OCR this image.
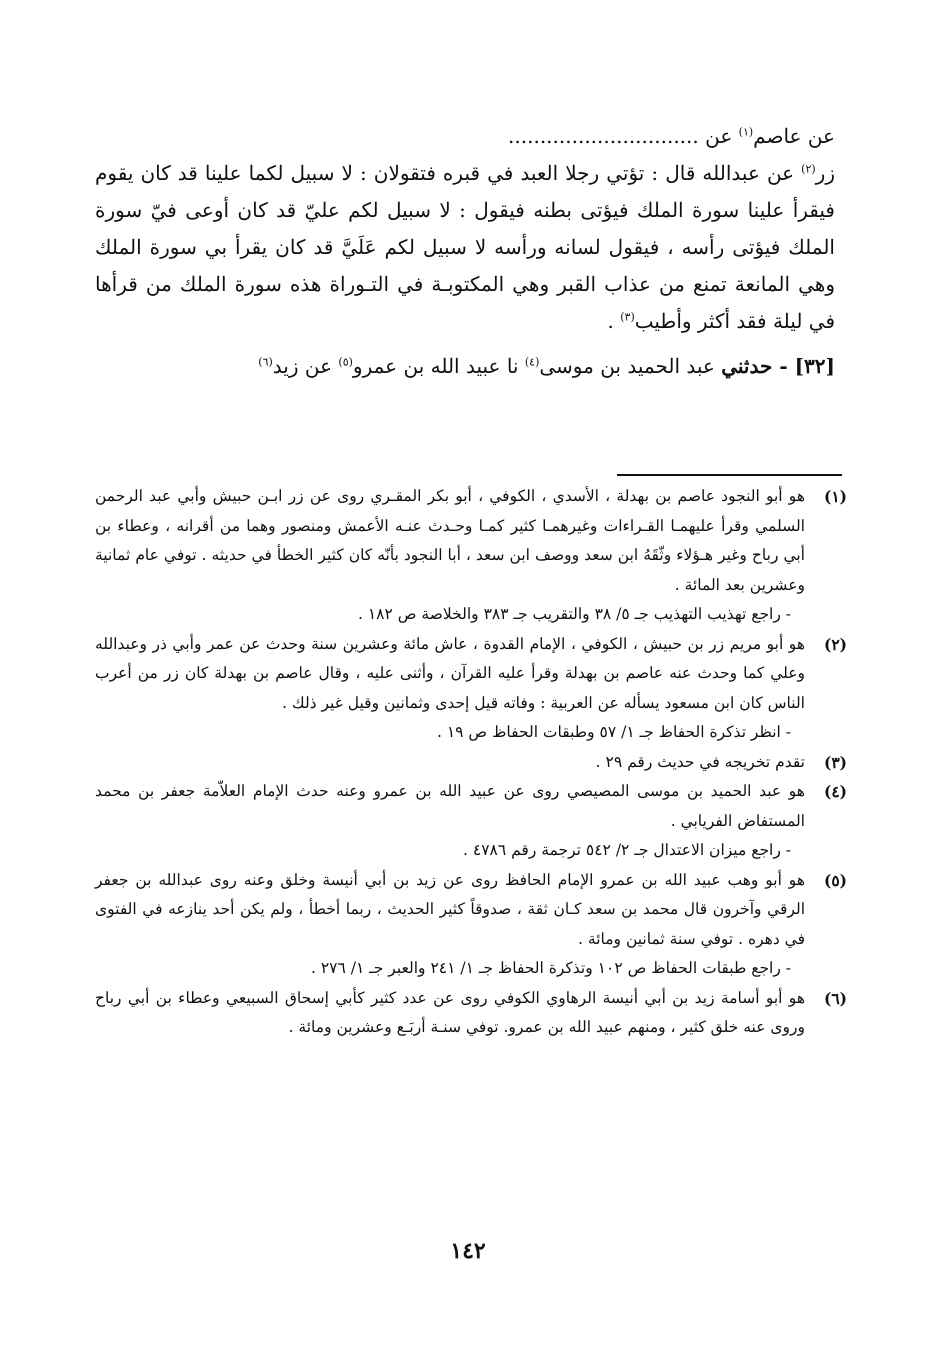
عن عاصم$^{(١)}$ عن ..............................

زر$^{(٢)}$ عن عبدالله قال : تؤتي رجلا العبد في قبره فتقولان : لا سبيل لكما علينا قد كان يقوم فيقرأ علينا سورة الملك فيؤتى بطنه فيقول : لا سبيل لكم عليّ قد كان أوعى فيّ سورة الملك فيؤتى رأسه ، فيقول لسانه ورأسه لا سبيل لكم عَلَيَّ قد كان يقرأ بي سورة الملك وهي المانعة تمنع من عذاب القبر وهي المكتوبـة في التـوراة هذه سورة الملك من قرأها في ليلة فقد أكثر وأطيب$^{(٣)}$ .

[٣٢] - حدثني عبد الحميد بن موسى$^{(٤)}$ نا عبيد الله بن عمرو$^{(٥)}$ عن زيد$^{(٦)}$

(١)

هو أبو النجود عاصم بن بهدلة ، الأسدي ، الكوفي ، أبو بكر المقـري روى عن زر ابـن حبيش وأبي عبد الرحمن السلمي وقرأ عليهمـا القـراءات وغيرهمـا كثير كمـا وحـدث عنـه الأعمش ومنصور وهما من أقرانه ، وعطاء بن أبي رباح وغير هـؤلاء وثّقَهُ ابن سعد ووصف ابن سعد ، أبا النجود بأنّه كان كثير الخطأ في حديثه . توفي عام ثمانية وعشرين بعد المائة .

- راجع تهذيب التهذيب جـ ٥/ ٣٨ والتقريب جـ ٣٨٣ والخلاصة ص ١٨٢ .

(٢)

هو أبو مريم زر بن حبيش ، الكوفي ، الإمام القدوة ، عاش مائة وعشرين سنة وحدث عن عمر وأبي ذر وعبدالله وعلي كما وحدث عنه عاصم بن بهدلة وقرأ عليه القرآن ، وأثنى عليه ، وقال عاصم بن بهدلة كان زر من أعرب الناس كان ابن مسعود يسأله عن العربية : وفاته قيل إحدى وثمانين وقيل غير ذلك .

- انظر تذكرة الحفاظ جـ ١/ ٥٧ وطبقات الحفاظ ص ١٩ .

(٣)

تقدم تخريجه في حديث رقم ٢٩ .

(٤)

هو عبد الحميد بن موسى المصيصي روى عن عبيد الله بن عمرو وعنه حدث الإمام العلاّمة جعفر بن محمد المستفاض الفريابي .

- راجع ميزان الاعتدال جـ ٢/ ٥٤٢ ترجمة رقم ٤٧٨٦ .

(٥)

هو أبو وهب عبيد الله بن عمرو الإمام الحافظ روى عن زيد بن أبي أنيسة وخلق وعنه روى عبدالله بن جعفر الرقي وآخرون قال محمد بن سعد كـان ثقة ، صدوقاً كثير الحديث ، ربما أخطأ ، ولم يكن أحد ينازعه في الفتوى في دهره . توفي سنة ثمانين ومائة .

- راجع طبقات الحفاظ ص ١٠٢ وتذكرة الحفاظ جـ ١/ ٢٤١ والعبر جـ ١/ ٢٧٦ .

(٦)

هو أبو أسامة زيد بن أبي أنيسة الرهاوي الكوفي روى عن عدد كثير كأبي إسحاق السبيعي وعطاء بن أبي رباح وروى عنه خلق كثير ، ومنهم عبيد الله بن عمرو. توفي سنـة أربَـع وعشرين ومائة .

١٤٢
